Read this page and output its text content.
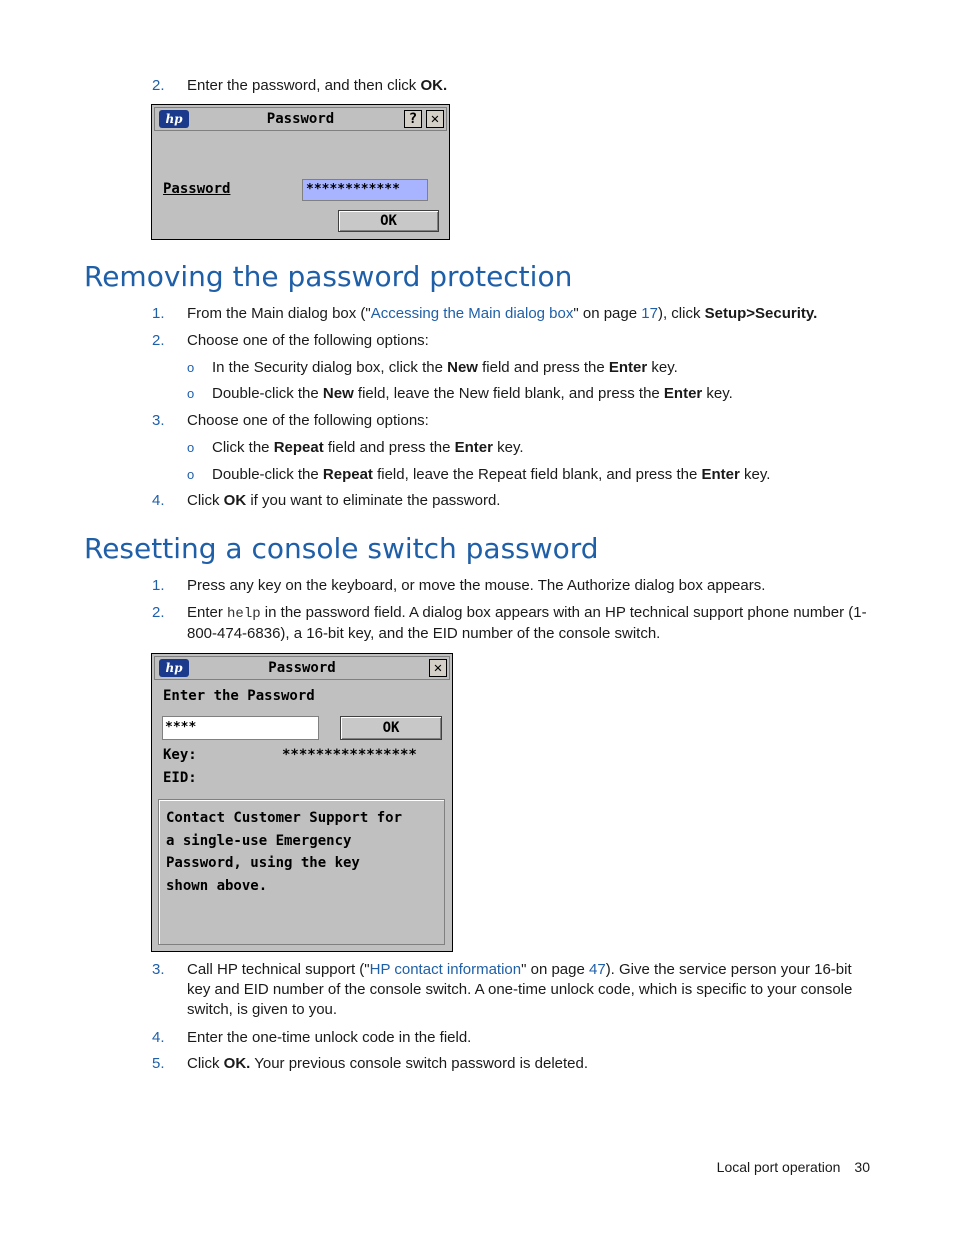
2. Enter the password, and then click OK.
hp	Password	? ✕
Password	************
OK
Removing the password protection
1. From the Main dialog box ("Accessing the Main dialog box" on page 17), click Setup>Security.
2. Choose one of the following options:
o In the Security dialog box, click the New field and press the Enter key.
o Double-click the New field, leave the New field blank, and press the Enter key.
3. Choose one of the following options:
o Click the Repeat field and press the Enter key.
o Double-click the Repeat field, leave the Repeat field blank, and press the Enter key.
4. Click OK if you want to eliminate the password.
Resetting a console switch password
1. Press any key on the keyboard, or move the mouse. The Authorize dialog box appears.
2. Enter help in the password field. A dialog box appears with an HP technical support phone number (1-800-474-6836), a 16-bit key, and the EID number of the console switch.
hp	Password	✕
Enter the Password
****	OK
Key:	****************
EID:
Contact Customer Support for
a single-use Emergency
Password, using the key
shown above.
3. Call HP technical support ("HP contact information" on page 47). Give the service person your 16-bit key and EID number of the console switch. A one-time unlock code, which is specific to your console switch, is given to you.
4. Enter the one-time unlock code in the field.
5. Click OK. Your previous console switch password is deleted.
Local port operation 30
